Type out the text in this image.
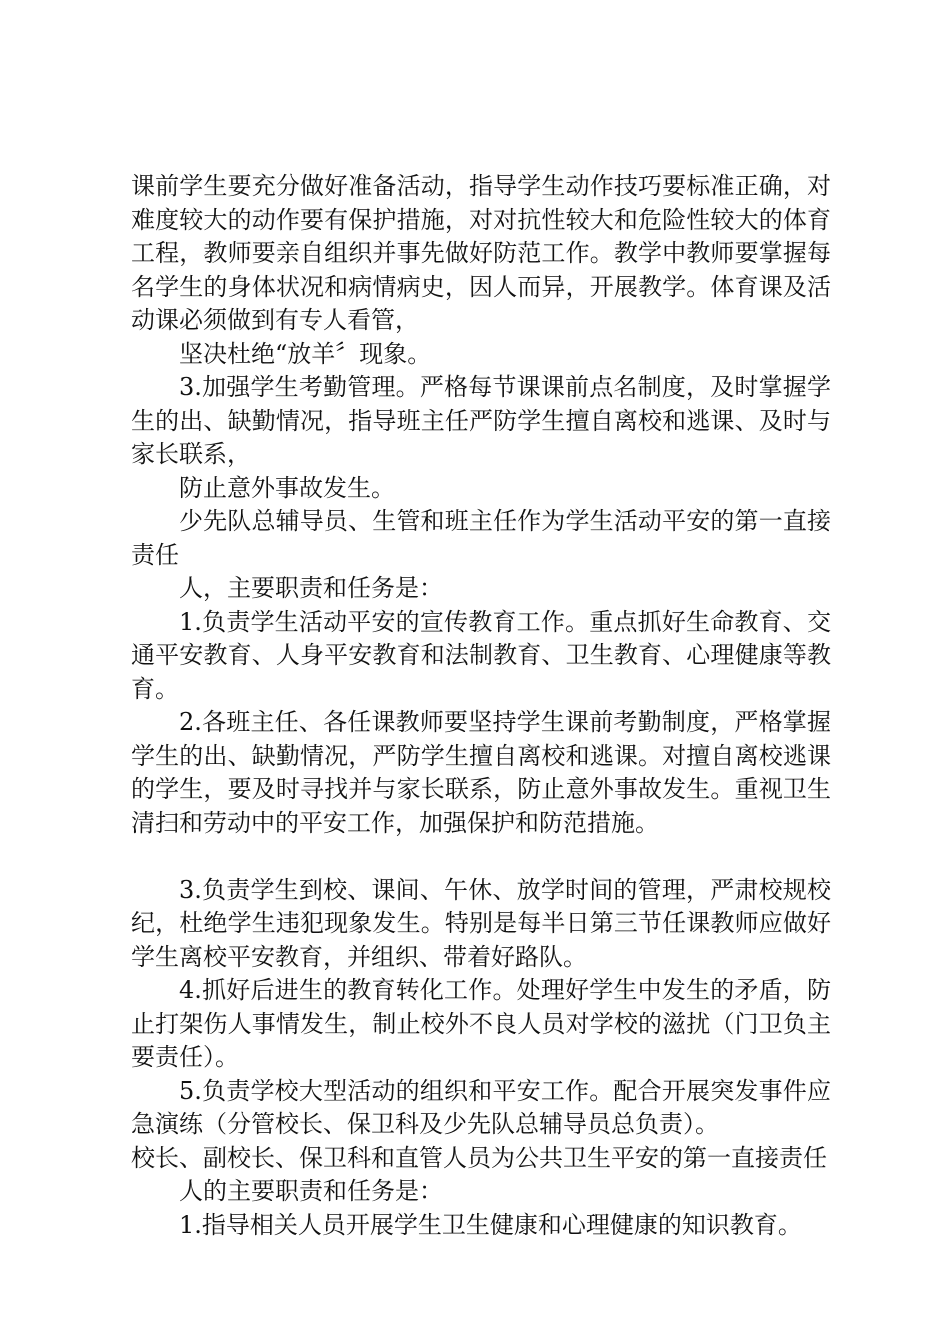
课前学生要充分做好准备活动，指导学生动作技巧要标准正确，对难度较大的动作要有保护措施，对对抗性较大和危险性较大的体育工程，教师要亲自组织并事先做好防范工作。教学中教师要掌握每名学生的身体状况和病情病史，因人而异，开展教学。体育课及活动课必须做到有专人看管，

坚决杜绝“放羊〞现象。

3.加强学生考勤管理。严格每节课课前点名制度，及时掌握学生的出、缺勤情况，指导班主任严防学生擅自离校和逃课、及时与家长联系，

防止意外事故发生。

少先队总辅导员、生管和班主任作为学生活动平安的第一直接责任

人，主要职责和任务是：

1.负责学生活动平安的宣传教育工作。重点抓好生命教育、交通平安教育、人身平安教育和法制教育、卫生教育、心理健康等教育。

2.各班主任、各任课教师要坚持学生课前考勤制度，严格掌握学生的出、缺勤情况，严防学生擅自离校和逃课。对擅自离校逃课的学生，要及时寻找并与家长联系，防止意外事故发生。重视卫生清扫和劳动中的平安工作，加强保护和防范措施。

3.负责学生到校、课间、午休、放学时间的管理，严肃校规校纪，杜绝学生违犯现象发生。特别是每半日第三节任课教师应做好学生离校平安教育，并组织、带着好路队。

4.抓好后进生的教育转化工作。处理好学生中发生的矛盾，防止打架伤人事情发生，制止校外不良人员对学校的滋扰（门卫负主要责任）。

5.负责学校大型活动的组织和平安工作。配合开展突发事件应急演练（分管校长、保卫科及少先队总辅导员总负责）。

校长、副校长、保卫科和直管人员为公共卫生平安的第一直接责任

人的主要职责和任务是：

1.指导相关人员开展学生卫生健康和心理健康的知识教育。
